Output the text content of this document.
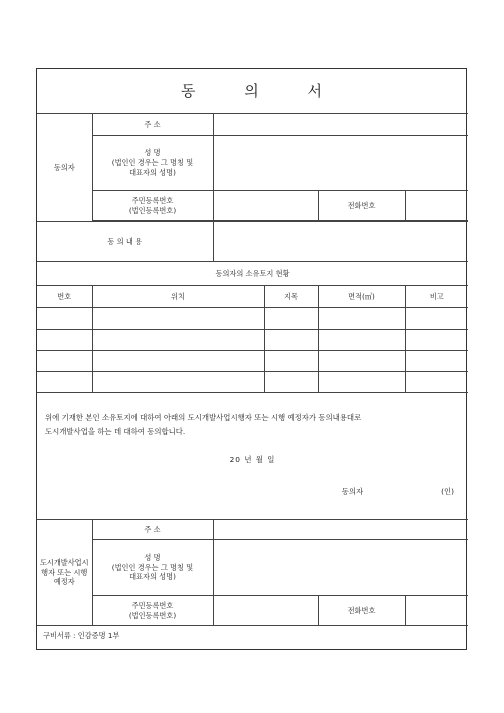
동 의 서					
동의자	주 소				

	성 명
(법인인 경우는 그 명칭 및
대표자의 성명)				

	주민등록번호
(법인등록번호)			전화번호	

동 의 내 용					
동의자의 소유토지 현황					
번호	위치		지목	면적(㎡)	비고

위에 기재한 본인 소유토지에 대하여 아래의 도시개발사업시행자 또는 시행 예정자가 동의내용대로
도시개발사업을 하는 데 대하여 동의합니다.
20 년 월 일
동의자 (인)					

도시개발사업시
행자 또는 시행
예정자	주 소				

	성 명
(법인인 경우는 그 명칭 및
대표자의 성명)				

	주민등록번호
(법인등록번호)			전화번호	
구비서류 : 인감증명 1부					
